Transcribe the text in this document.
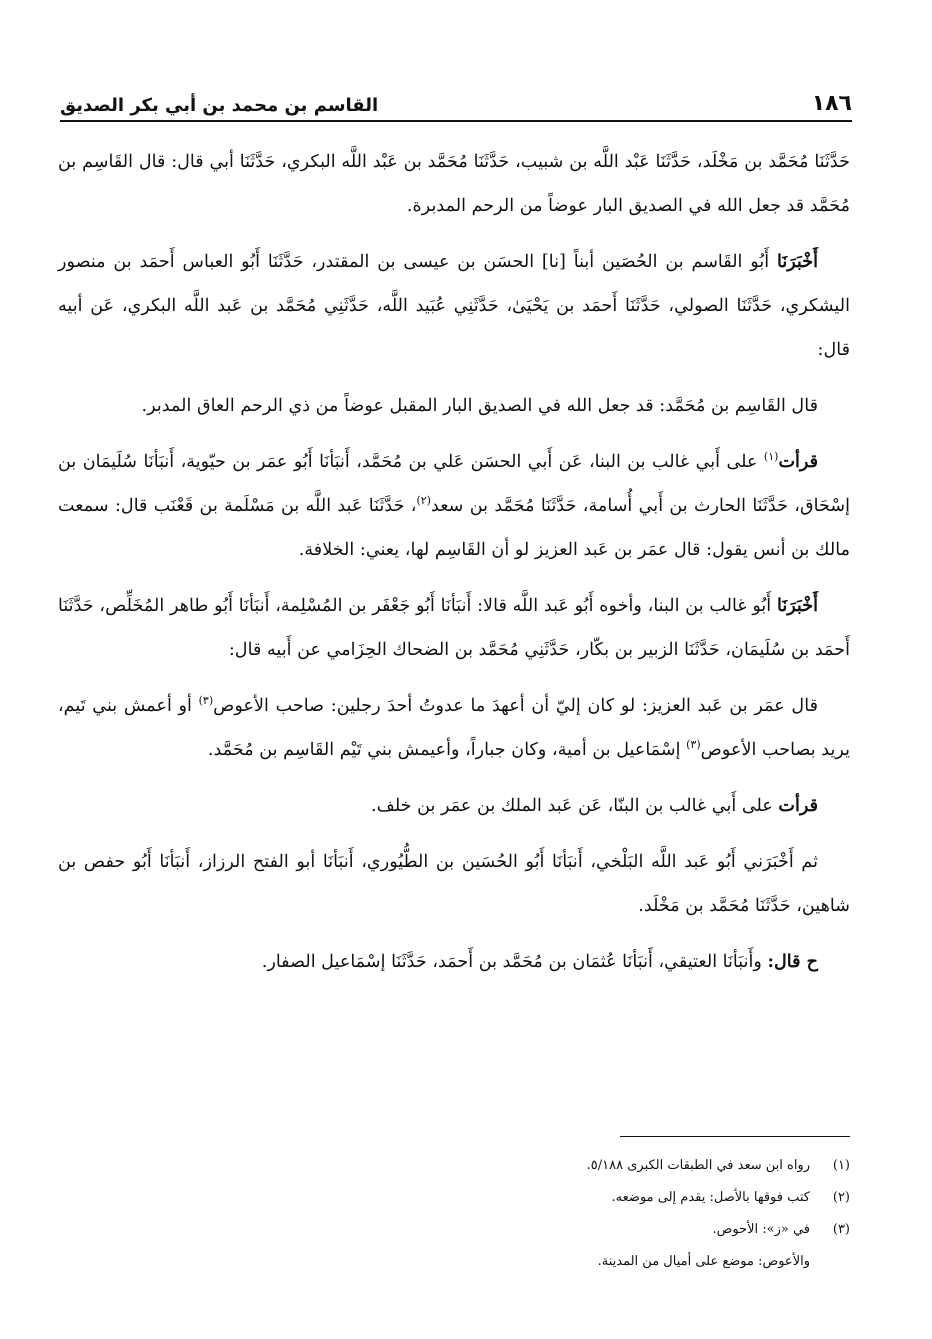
١٨٦
القاسم بن محمد بن أبي بكر الصديق

حَدَّثَنَا مُحَمَّد بن مَخْلَد، حَدَّثَنَا عَبْد اللَّه بن شبيب، حَدَّثَنَا مُحَمَّد بن عَبْد اللَّه البكري، حَدَّثَنَا أبي قال: قال القَاسِم بن مُحَمَّد قد جعل الله في الصديق البار عوضاً من الرحم المدبرة.

أَخْبَرَنَا أَبُو القَاسم بن الحُصَين أبناً [نا] الحسَن بن عيسى بن المقتدر، حَدَّثَنَا أَبُو العباس أَحمَد بن منصور اليشكري، حَدَّثَنَا الصولي، حَدَّثَنَا أَحمَد بن يَحْيَىٰ، حَدَّثَنِي عُبَيد اللَّه، حَدَّثَنِي مُحَمَّد بن عَبد اللَّه البكري، عَن أبيه قال:

قال القَاسِم بن مُحَمَّد: قد جعل الله في الصديق البار المقبل عوضاً من ذي الرحم العاق المدبر.

قرأت$^{(١)}$ على أَبي غالب بن البنا، عَن أَبي الحسَن عَلي بن مُحَمَّد، أَنبَأنَا أَبُو عمَر بن حيّوية، أَنبَأنَا سُلَيمَان بن إسْحَاق، حَدَّثَنَا الحارث بن أَبي أُسامة، حَدَّثَنَا مُحَمَّد بن سعد$^{(٢)}$، حَدَّثَنَا عَبد اللَّه بن مَسْلَمة بن قَعْنَب قال: سمعت مالك بن أنس يقول: قال عمَر بن عَبد العزيز لو أن القَاسِم لها، يعني: الخلافة.

أَخْبَرَنَا أَبُو غالب بن البنا، وأخوه أَبُو عَبد اللَّه قالا: أَنبَأنَا أَبُو جَعْفَر بن المُسْلِمة، أَنبَأنَا أَبُو طاهر المُخَلِّص، حَدَّثَنَا أَحمَد بن سُلَيمَان، حَدَّثَنَا الزبير بن بكّار، حَدَّثَنِي مُحَمَّد بن الضحاك الحِزَامي عن أَبيه قال:

قال عمَر بن عَبد العزيز: لو كان إليّ أن أعهدَ ما عدوتُ أحدَ رجلين: صاحب الأعوص$^{(٣)}$ أو أعمش بني تَيم، يريد بصاحب الأعوص$^{(٣)}$ إسْمَاعيل بن أمية، وكان جباراً، وأعيمش بني تَيْم القَاسِم بن مُحَمَّد.

قرأت على أَبي غالب بن البنّا، عَن عَبد الملك بن عمَر بن خلف.

ثم أَخْبَرَني أَبُو عَبد اللَّه البَلْخي، أَنبَأنَا أَبُو الحُسَين بن الطُّيُوري، أَنبَأنَا أبو الفتح الرزاز، أَنبَأنَا أَبُو حفص بن شاهين، حَدَّثَنَا مُحَمَّد بن مَخْلَد.

ح قال: وأَنبَأنَا العتيقي، أَنبَأنَا عُثمَان بن مُحَمَّد بن أَحمَد، حَدَّثَنَا إسْمَاعيل الصفار.

(١)
رواه ابن سعد في الطبقات الكبرى ٥/١٨٨.
(٢)
كتب فوقها بالأصل: يقدم إلى موضعه.
(٣)
في «ز»: الأحوص.
والأعوص: موضع على أميال من المدينة.
